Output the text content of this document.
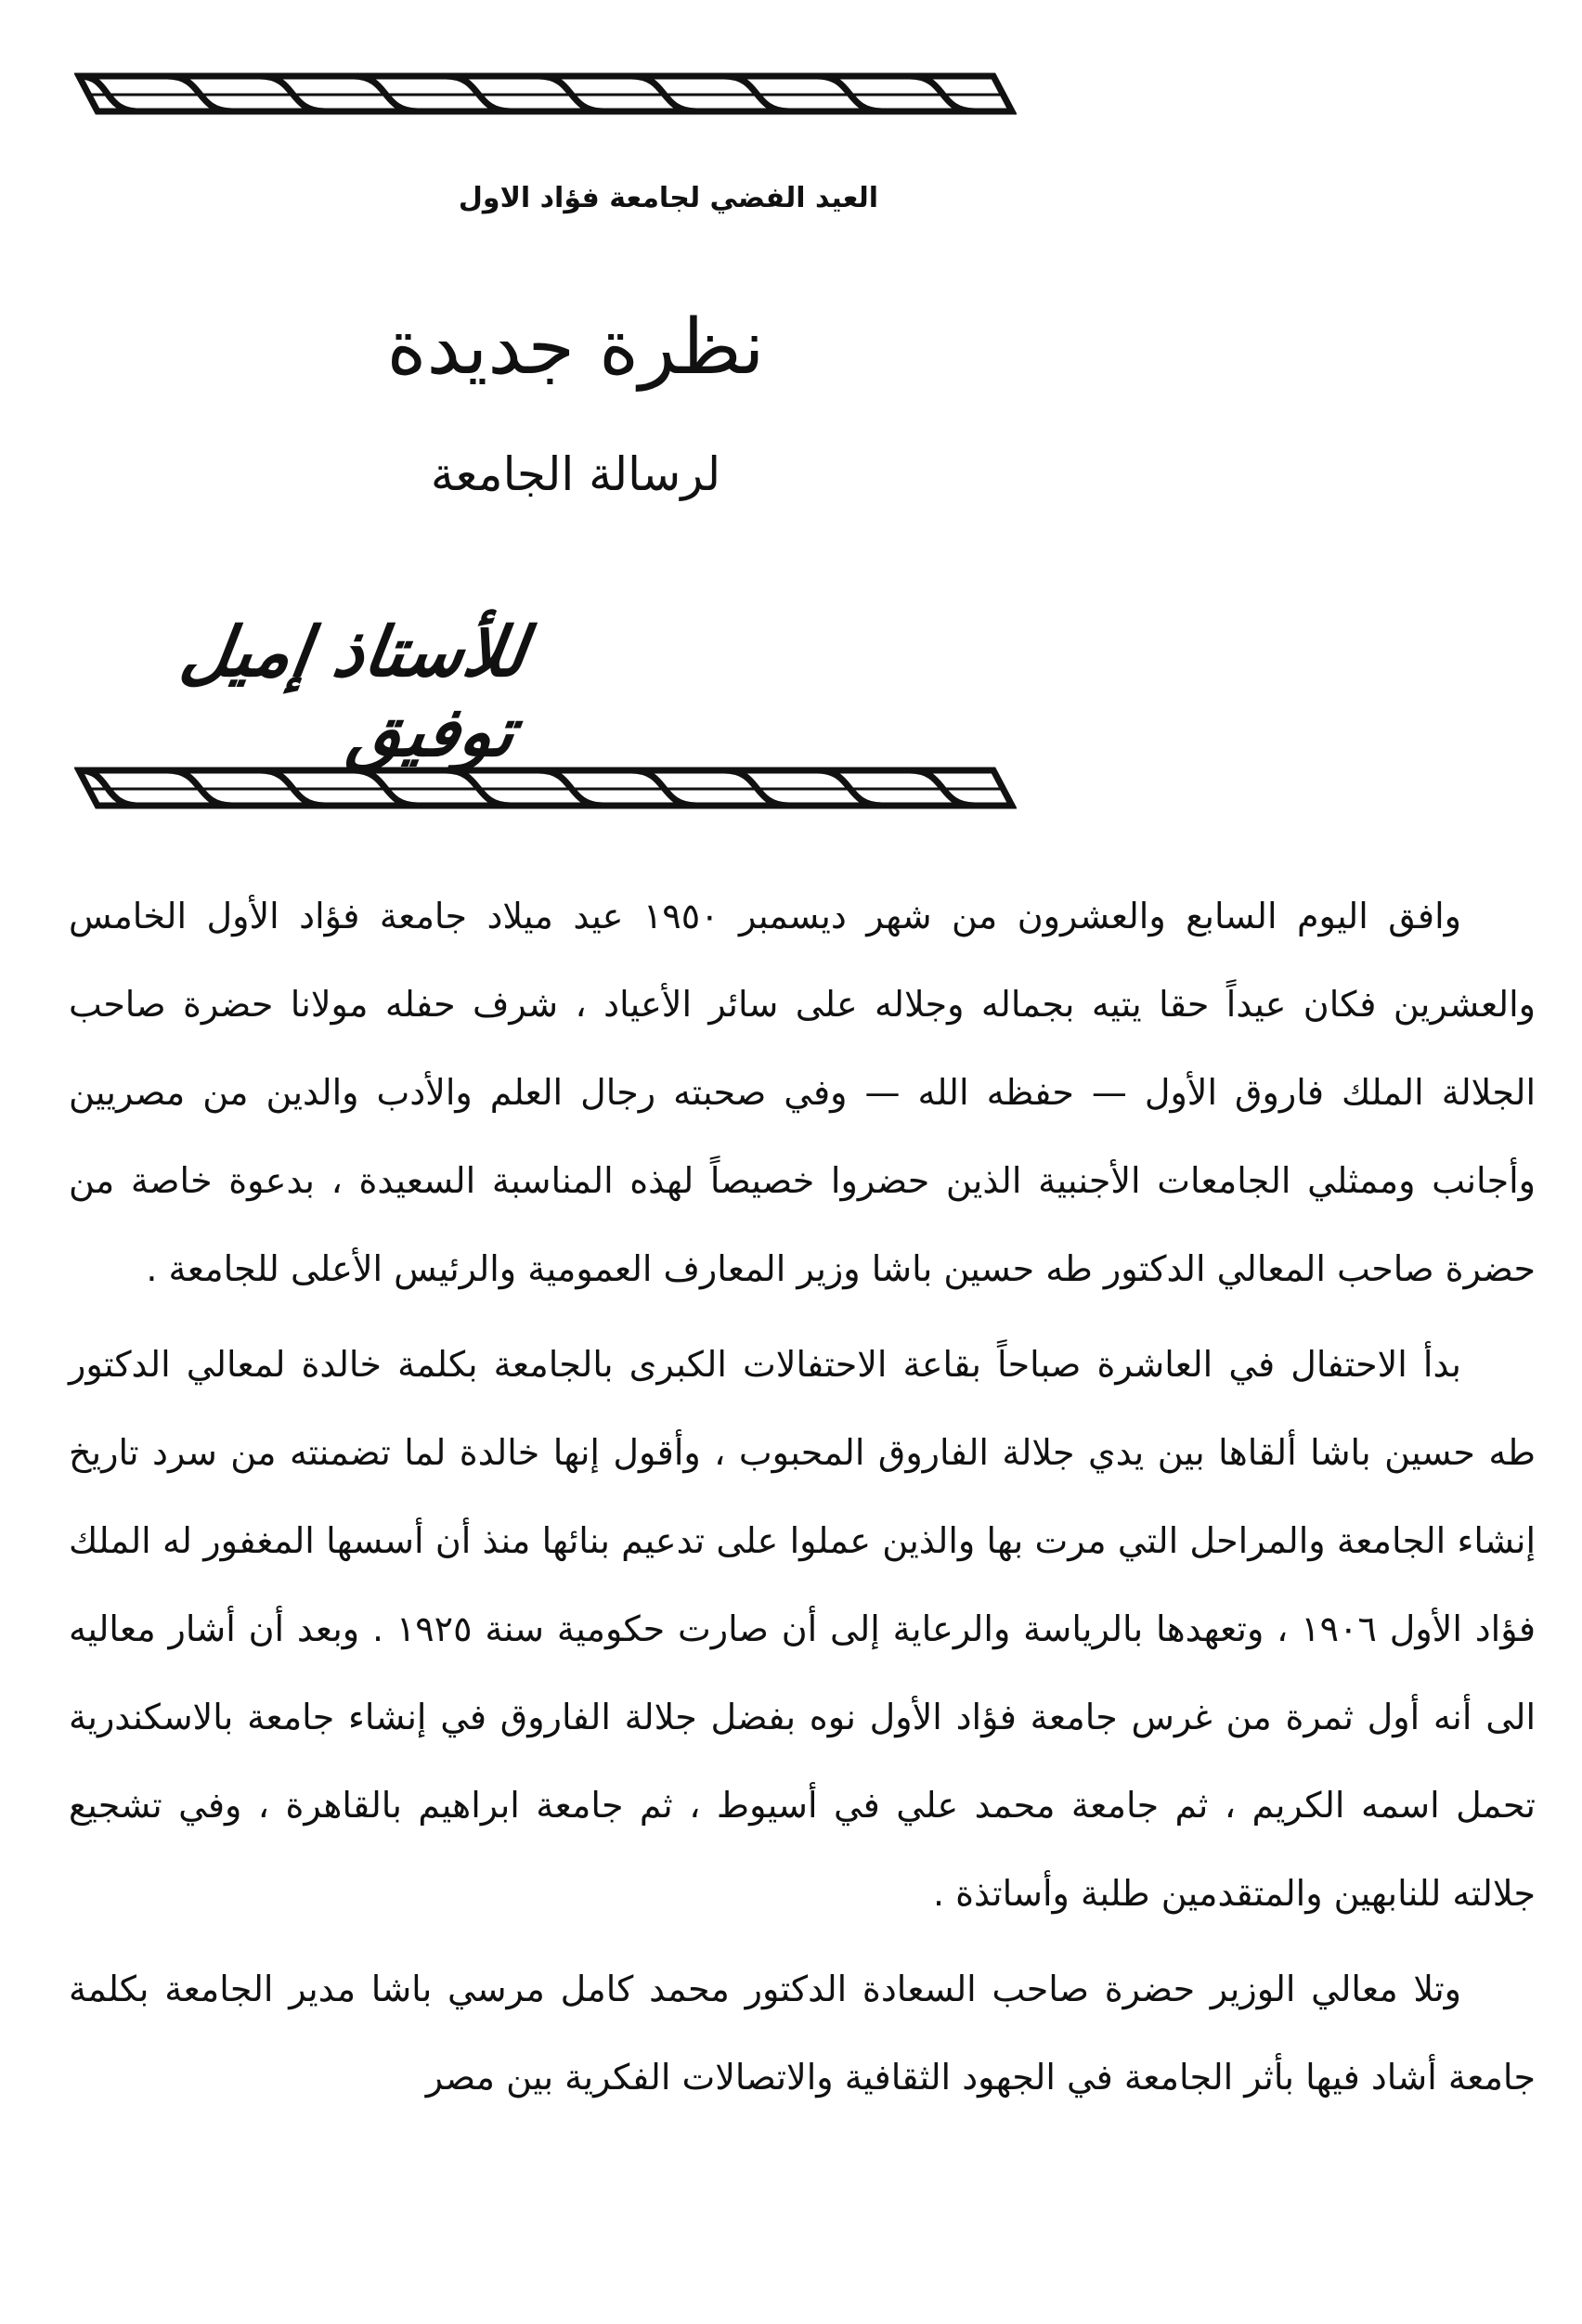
العيد الفضي لجامعة فؤاد الاول
نظرة جديدة
لرسالة الجامعة
للأستاذ إميل توفيق

وافق اليوم السابع والعشرون من شهر ديسمبر ١٩٥٠ عيد ميلاد جامعة فؤاد الأول الخامس والعشرين فكان عيداً حقا يتيه بجماله وجلاله على سائر الأعياد ، شرف حفله مولانا حضرة صاحب الجلالة الملك فاروق الأول — حفظه الله — وفي صحبته رجال العلم والأدب والدين من مصريين وأجانب وممثلي الجامعات الأجنبية الذين حضروا خصيصاً لهذه المناسبة السعيدة ، بدعوة خاصة من حضرة صاحب المعالي الدكتور طه حسين باشا وزير المعارف العمومية والرئيس الأعلى للجامعة .

بدأ الاحتفال في العاشرة صباحاً بقاعة الاحتفالات الكبرى بالجامعة بكلمة خالدة لمعالي الدكتور طه حسين باشا ألقاها بين يدي جلالة الفاروق المحبوب ، وأقول إنها خالدة لما تضمنته من سرد تاريخ إنشاء الجامعة والمراحل التي مرت بها والذين عملوا على تدعيم بنائها منذ أن أسسها المغفور له الملك فؤاد الأول ١٩٠٦ ، وتعهدها بالرياسة والرعاية إلى أن صارت حكومية سنة ١٩٢٥ . وبعد أن أشار معاليه الى أنه أول ثمرة من غرس جامعة فؤاد الأول نوه بفضل جلالة الفاروق في إنشاء جامعة بالاسكندرية تحمل اسمه الكريم ، ثم جامعة محمد علي في أسيوط ، ثم جامعة ابراهيم بالقاهرة ، وفي تشجيع جلالته للنابهين والمتقدمين طلبة وأساتذة .

وتلا معالي الوزير حضرة صاحب السعادة الدكتور محمد كامل مرسي باشا مدير الجامعة بكلمة جامعة أشاد فيها بأثر الجامعة في الجهود الثقافية والاتصالات الفكرية بين مصر
